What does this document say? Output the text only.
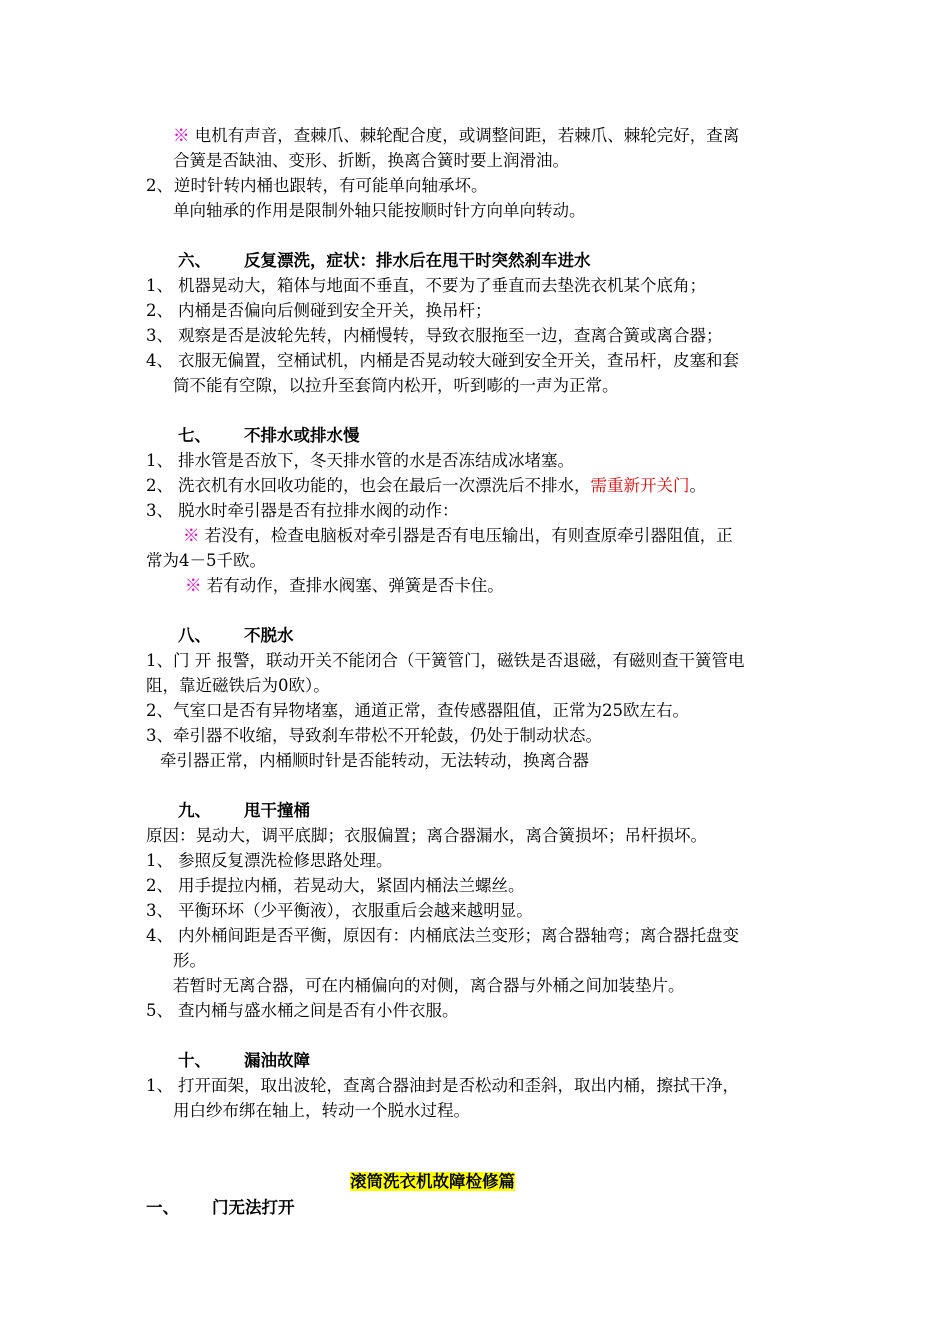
※ 电机有声音，查棘爪、棘轮配合度，或调整间距，若棘爪、棘轮完好，查离
合簧是否缺油、变形、折断，换离合簧时要上润滑油。
2、逆时针转内桶也跟转，有可能单向轴承坏。
单向轴承的作用是限制外轴只能按顺时针方向单向转动。
六、 反复漂洗，症状：排水后在甩干时突然刹车进水
1、 机器晃动大，箱体与地面不垂直，不要为了垂直而去垫洗衣机某个底角；
2、 内桶是否偏向后侧碰到安全开关，换吊杆；
3、 观察是否是波轮先转，内桶慢转，导致衣服拖至一边，查离合簧或离合器；
4、 衣服无偏置，空桶试机，内桶是否晃动较大碰到安全开关，查吊杆，皮塞和套
筒不能有空隙，以拉升至套筒内松开，听到嘭的一声为正常。
七、 不排水或排水慢
1、 排水管是否放下，冬天排水管的水是否冻结成冰堵塞。
2、 洗衣机有水回收功能的，也会在最后一次漂洗后不排水，需重新开关门。
3、 脱水时牵引器是否有拉排水阀的动作：
※ 若没有，检查电脑板对牵引器是否有电压输出，有则查原牵引器阻值，正
常为4－5千欧。
※ 若有动作，查排水阀塞、弹簧是否卡住。
八、 不脱水
1、门 开 报警，联动开关不能闭合（干簧管门，磁铁是否退磁，有磁则查干簧管电
阻，靠近磁铁后为0欧）。
2、气室口是否有异物堵塞，通道正常，查传感器阻值，正常为25欧左右。
3、牵引器不收缩，导致刹车带松不开轮鼓，仍处于制动状态。
牵引器正常，内桶顺时针是否能转动，无法转动，换离合器
九、 甩干撞桶
原因：晃动大，调平底脚；衣服偏置；离合器漏水，离合簧损坏；吊杆损坏。
1、 参照反复漂洗检修思路处理。
2、 用手提拉内桶，若晃动大，紧固内桶法兰螺丝。
3、 平衡环坏（少平衡液），衣服重后会越来越明显。
4、 内外桶间距是否平衡，原因有：内桶底法兰变形；离合器轴弯；离合器托盘变
形。
若暂时无离合器，可在内桶偏向的对侧，离合器与外桶之间加装垫片。
5、 查内桶与盛水桶之间是否有小件衣服。
十、 漏油故障
1、 打开面架，取出波轮，查离合器油封是否松动和歪斜，取出内桶，擦拭干净，
用白纱布绑在轴上，转动一个脱水过程。
滚筒洗衣机故障检修篇
一、 门无法打开
